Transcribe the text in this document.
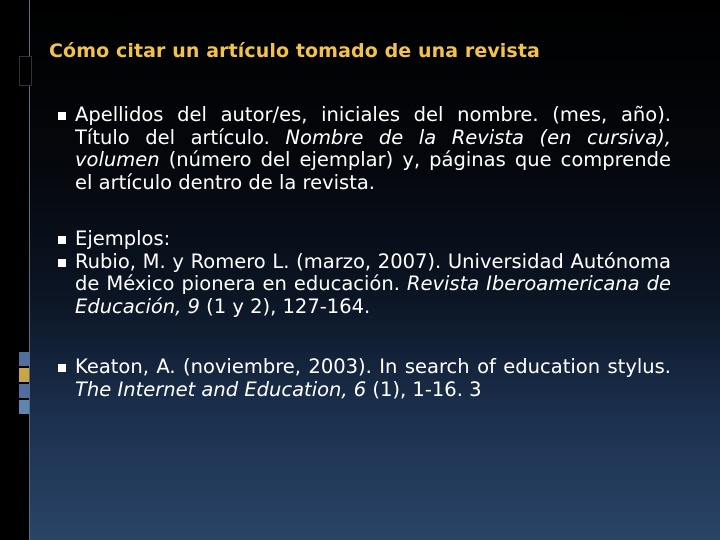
Cómo citar un artículo tomado de una revista
Apellidos del autor/es, iniciales del nombre. (mes, año). Título del artículo. Nombre de la Revista (en cursiva), volumen (número del ejemplar) y, páginas que comprende el artículo dentro de la revista.
Ejemplos:
Rubio, M. y Romero L. (marzo, 2007). Universidad Autónoma de México pionera en educación. Revista Iberoamericana de Educación, 9 (1 y 2), 127-164.
Keaton, A. (noviembre, 2003). In search of education stylus. The Internet and Education, 6 (1), 1-16. 3
